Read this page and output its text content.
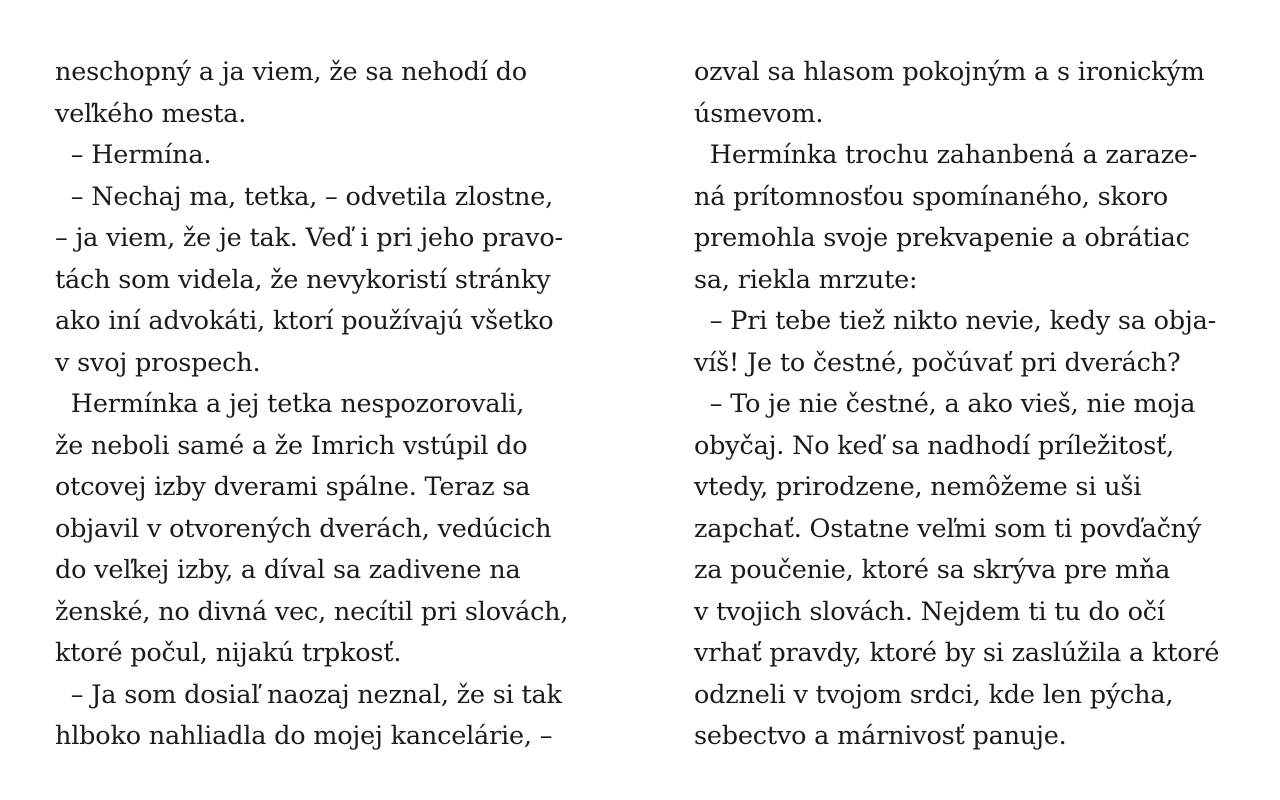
neschopný a ja viem, že sa nehodí do
veľkého mesta.
– Hermína.
– Nechaj ma, tetka, – odvetila zlostne,
– ja viem, že je tak. Veď i pri jeho pravo-
tách som videla, že nevykoristí stránky
ako iní advokáti, ktorí používajú všetko
v svoj prospech.
Hermínka a jej tetka nespozorovali,
že neboli samé a že Imrich vstúpil do
otcovej izby dverami spálne. Teraz sa
objavil v otvorených dverách, vedúcich
do veľkej izby, a díval sa zadivene na
ženské, no divná vec, necítil pri slovách,
ktoré počul, nijakú trpkosť.
– Ja som dosiaľ naozaj neznal, že si tak
hlboko nahliadla do mojej kancelárie, –
ozval sa hlasom pokojným a s ironickým
úsmevom.
Hermínka trochu zahanbená a zaraze-
ná prítomnosťou spomínaného, skoro
premohla svoje prekvapenie a obrátiac
sa, riekla mrzute:
– Pri tebe tiež nikto nevie, kedy sa obja-
víš! Je to čestné, počúvať pri dverách?
– To je nie čestné, a ako vieš, nie moja
obyčaj. No keď sa nadhodí príležitosť,
vtedy, prirodzene, nemôžeme si uši
zapchať. Ostatne veľmi som ti povďačný
za poučenie, ktoré sa skrýva pre mňa
v tvojich slovách. Nejdem ti tu do očí
vrhať pravdy, ktoré by si zaslúžila a ktoré
odzneli v tvojom srdci, kde len pýcha,
sebectvo a márnivosť panuje.
